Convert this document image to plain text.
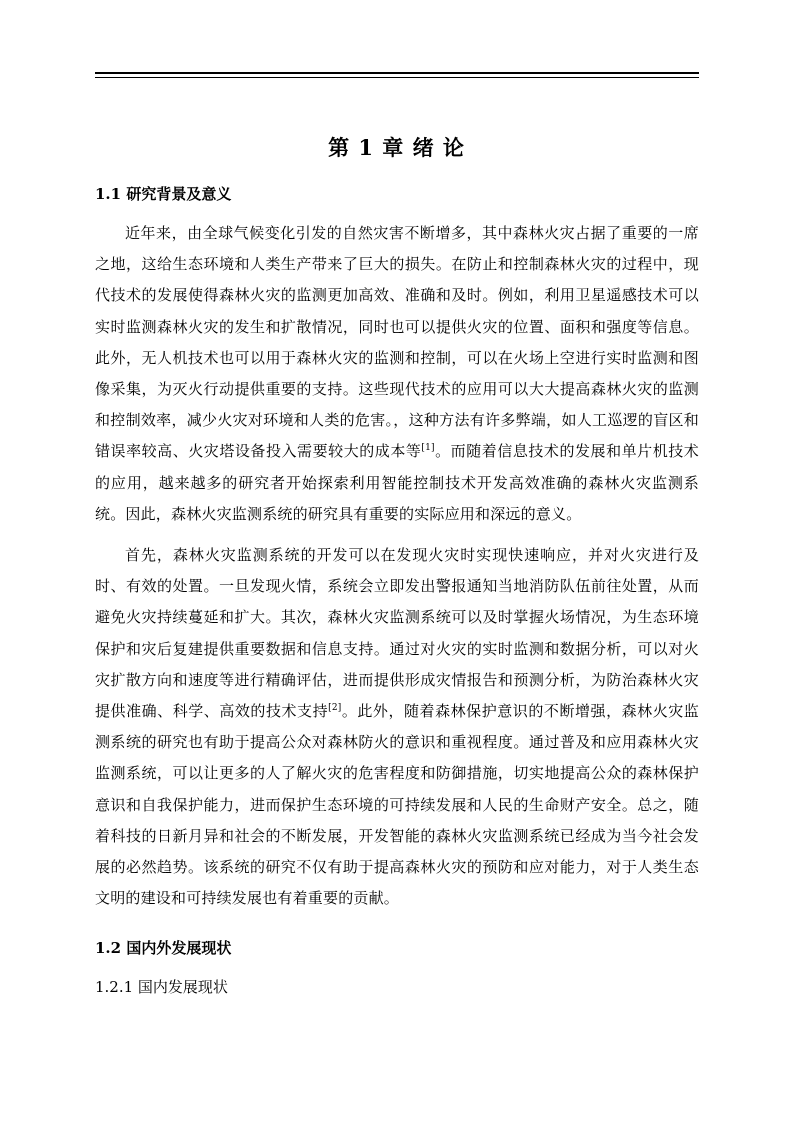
第 1 章 绪 论
1.1 研究背景及意义

近年来，由全球气候变化引发的自然灾害不断增多，其中森林火灾占据了重要的一席之地，这给生态环境和人类生产带来了巨大的损失。在防止和控制森林火灾的过程中，现代技术的发展使得森林火灾的监测更加高效、准确和及时。例如，利用卫星遥感技术可以实时监测森林火灾的发生和扩散情况，同时也可以提供火灾的位置、面积和强度等信息。此外，无人机技术也可以用于森林火灾的监测和控制，可以在火场上空进行实时监测和图像采集，为灭火行动提供重要的支持。这些现代技术的应用可以大大提高森林火灾的监测和控制效率，减少火灾对环境和人类的危害。，这种方法有许多弊端，如人工巡逻的盲区和错误率较高、火灾塔设备投入需要较大的成本等[1]。而随着信息技术的发展和单片机技术的应用，越来越多的研究者开始探索利用智能控制技术开发高效准确的森林火灾监测系统。因此，森林火灾监测系统的研究具有重要的实际应用和深远的意义。

首先，森林火灾监测系统的开发可以在发现火灾时实现快速响应，并对火灾进行及时、有效的处置。一旦发现火情，系统会立即发出警报通知当地消防队伍前往处置，从而避免火灾持续蔓延和扩大。其次，森林火灾监测系统可以及时掌握火场情况，为生态环境保护和灾后复建提供重要数据和信息支持。通过对火灾的实时监测和数据分析，可以对火灾扩散方向和速度等进行精确评估，进而提供形成灾情报告和预测分析，为防治森林火灾提供准确、科学、高效的技术支持[2]。此外，随着森林保护意识的不断增强，森林火灾监测系统的研究也有助于提高公众对森林防火的意识和重视程度。通过普及和应用森林火灾监测系统，可以让更多的人了解火灾的危害程度和防御措施，切实地提高公众的森林保护意识和自我保护能力，进而保护生态环境的可持续发展和人民的生命财产安全。总之，随着科技的日新月异和社会的不断发展，开发智能的森林火灾监测系统已经成为当今社会发展的必然趋势。该系统的研究不仅有助于提高森林火灾的预防和应对能力，对于人类生态文明的建设和可持续发展也有着重要的贡献。

1.2 国内外发展现状
1.2.1 国内发展现状
